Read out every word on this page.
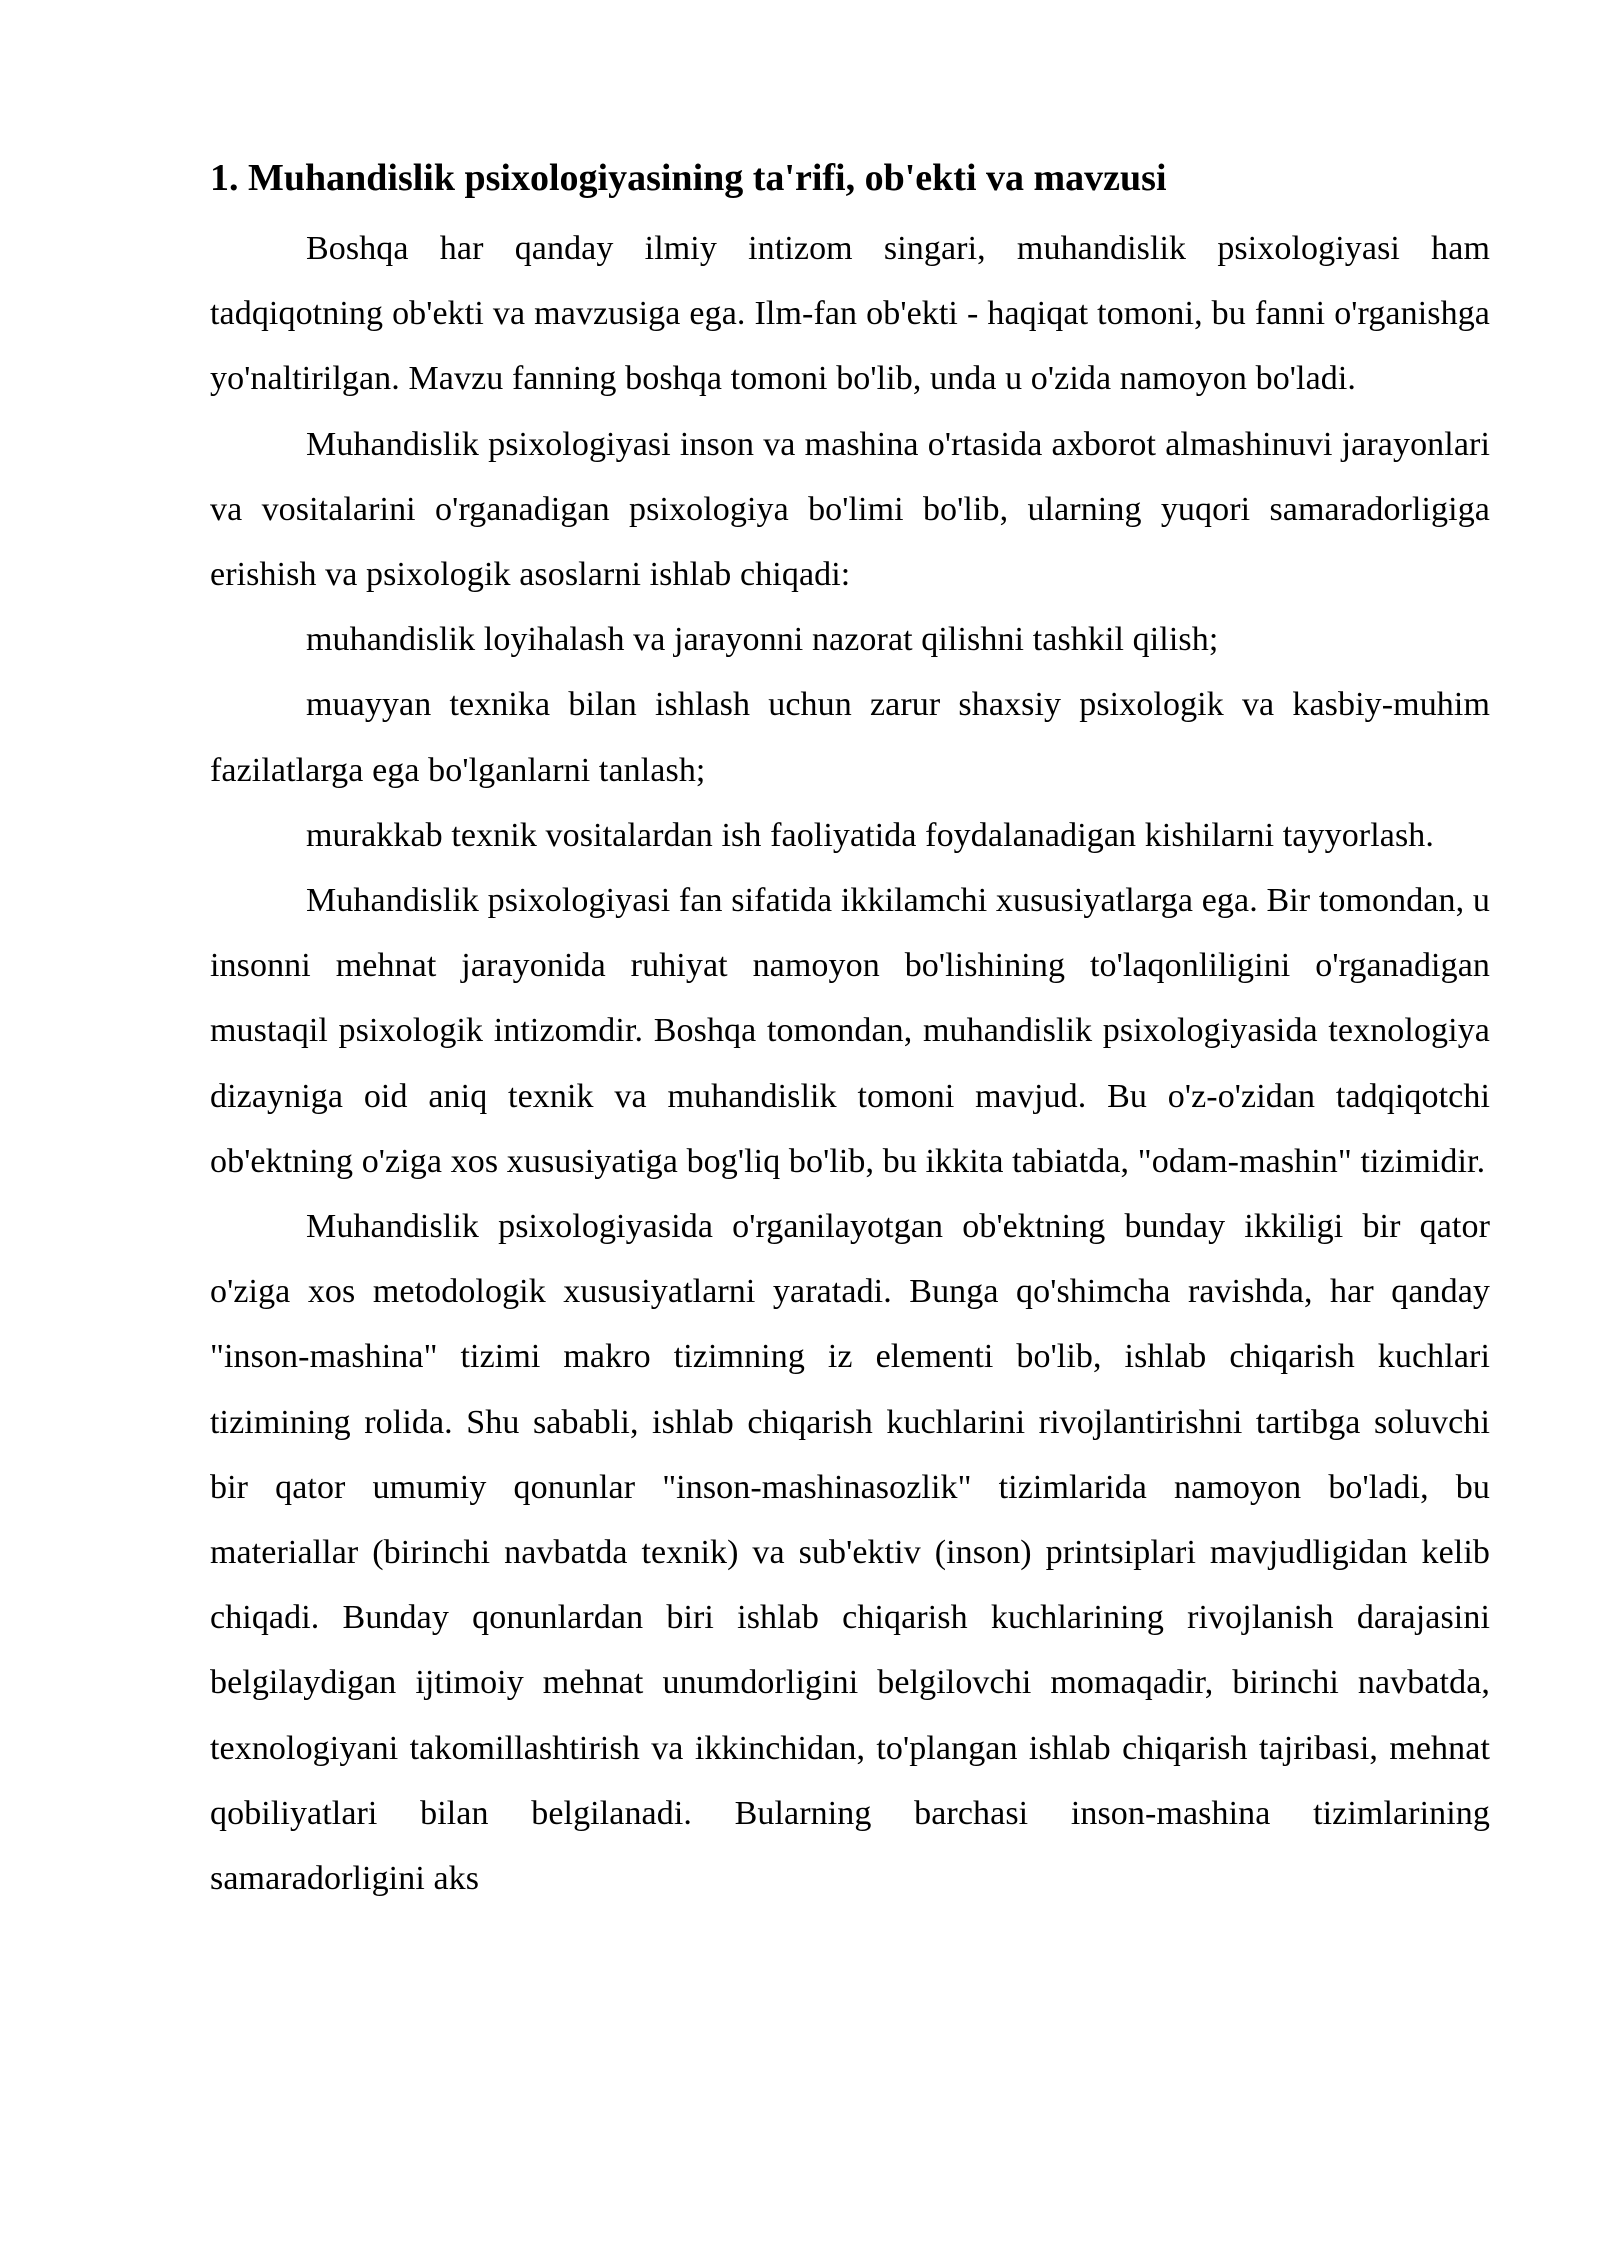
1. Muhandislik psixologiyasining ta'rifi, ob'ekti va mavzusi

Boshqa har qanday ilmiy intizom singari, muhandislik psixologiyasi ham tadqiqotning ob'ekti va mavzusiga ega. Ilm-fan ob'ekti - haqiqat tomoni, bu fanni o'rganishga yo'naltirilgan. Mavzu fanning boshqa tomoni bo'lib, unda u o'zida namoyon bo'ladi.

Muhandislik psixologiyasi inson va mashina o'rtasida axborot almashinuvi jarayonlari va vositalarini o'rganadigan psixologiya bo'limi bo'lib, ularning yuqori samaradorligiga erishish va psixologik asoslarni ishlab chiqadi:

muhandislik loyihalash va jarayonni nazorat qilishni tashkil qilish;

muayyan texnika bilan ishlash uchun zarur shaxsiy psixologik va kasbiy-muhim fazilatlarga ega bo'lganlarni tanlash;

murakkab texnik vositalardan ish faoliyatida foydalanadigan kishilarni tayyorlash.

Muhandislik psixologiyasi fan sifatida ikkilamchi xususiyatlarga ega. Bir tomondan, u insonni mehnat jarayonida ruhiyat namoyon bo'lishining to'laqonliligini o'rganadigan mustaqil psixologik intizomdir. Boshqa tomondan, muhandislik psixologiyasida texnologiya dizayniga oid aniq texnik va muhandislik tomoni mavjud. Bu o'z-o'zidan tadqiqotchi ob'ektning o'ziga xos xususiyatiga bog'liq bo'lib, bu ikkita tabiatda, "odam-mashin" tizimidir.

Muhandislik psixologiyasida o'rganilayotgan ob'ektning bunday ikkiligi bir qator o'ziga xos metodologik xususiyatlarni yaratadi. Bunga qo'shimcha ravishda, har qanday "inson-mashina" tizimi makro tizimning iz elementi bo'lib, ishlab chiqarish kuchlari tizimining rolida. Shu sababli, ishlab chiqarish kuchlarini rivojlantirishni tartibga soluvchi bir qator umumiy qonunlar "inson-mashinasozlik" tizimlarida namoyon bo'ladi, bu materiallar (birinchi navbatda texnik) va sub'ektiv (inson) printsiplari mavjudligidan kelib chiqadi. Bunday qonunlardan biri ishlab chiqarish kuchlarining rivojlanish darajasini belgilaydigan ijtimoiy mehnat unumdorligini belgilovchi momaqadir, birinchi navbatda, texnologiyani takomillashtirish va ikkinchidan, to'plangan ishlab chiqarish tajribasi, mehnat qobiliyatlari bilan belgilanadi. Bularning barchasi inson-mashina tizimlarining samaradorligini aks
